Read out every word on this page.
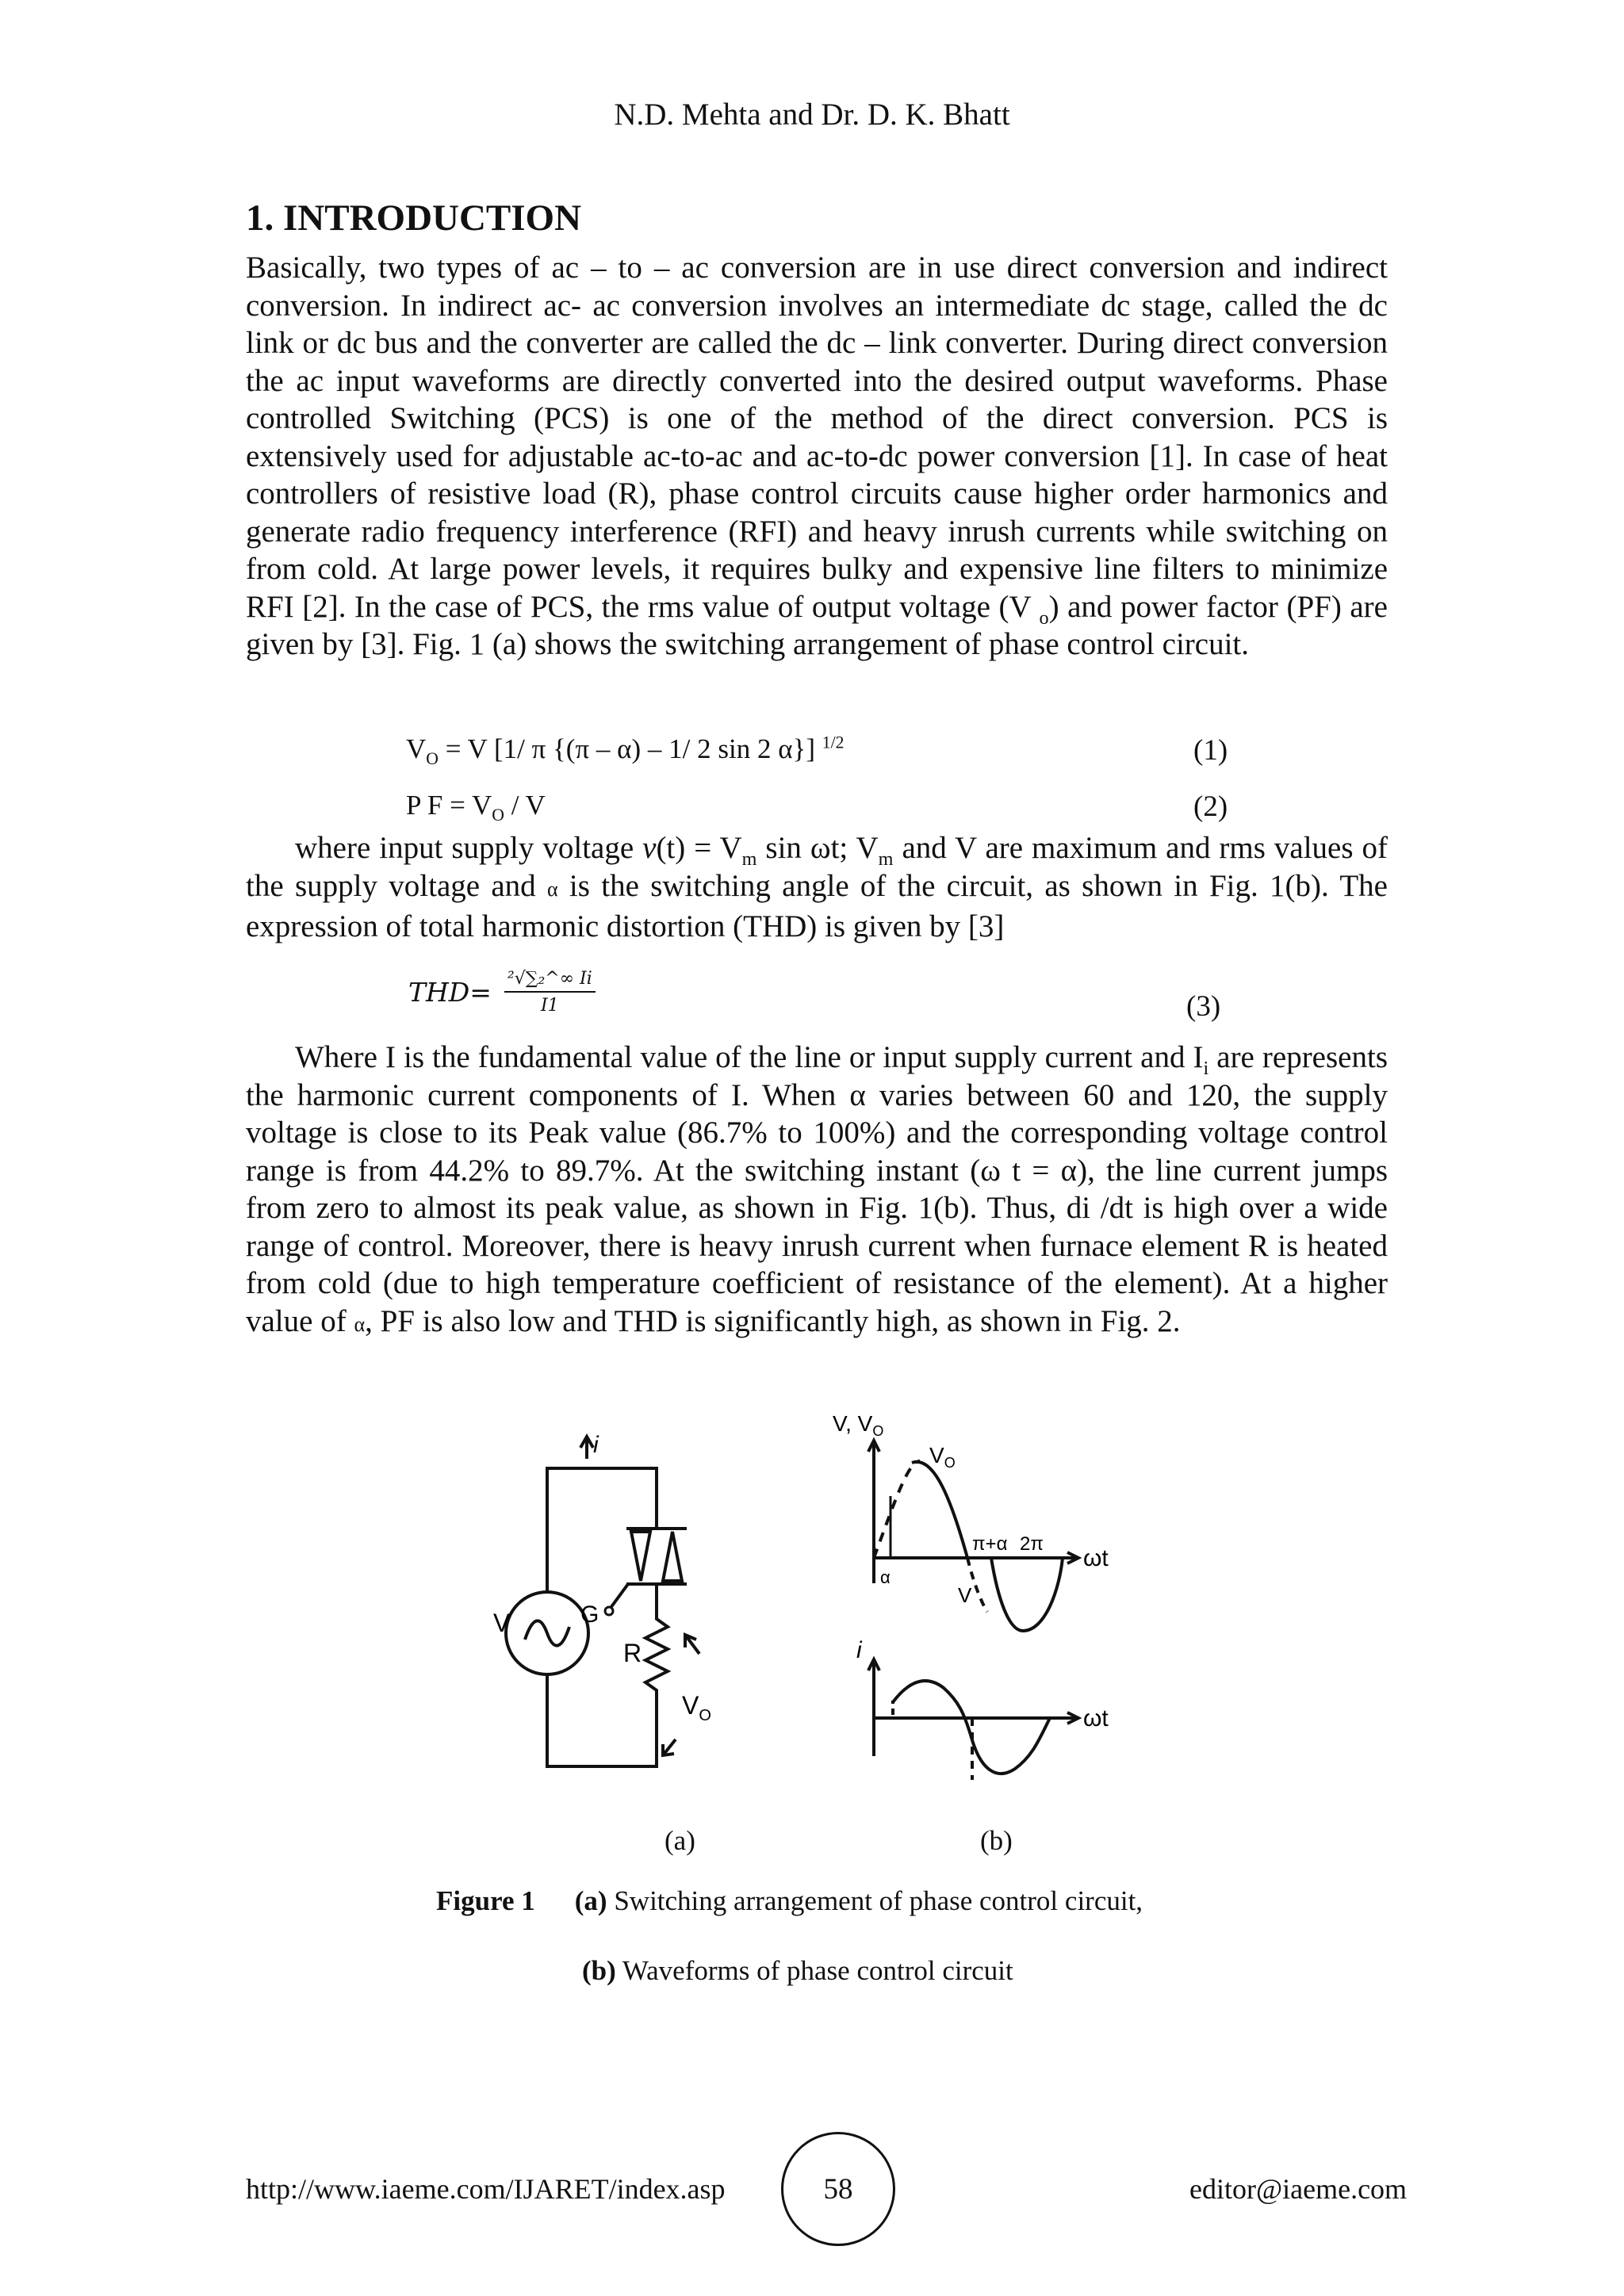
N.D. Mehta and Dr. D. K. Bhatt
1. INTRODUCTION

Basically, two types of ac – to – ac conversion are in use direct conversion and indirect conversion. In indirect ac- ac conversion involves an intermediate dc stage, called the dc link or dc bus and the converter are called the dc – link converter. During direct conversion the ac input waveforms are directly converted into the desired output waveforms. Phase controlled Switching (PCS) is one of the method of the direct conversion. PCS is extensively used for adjustable ac-to-ac and ac-to-dc power conversion [1]. In case of heat controllers of resistive load (R), phase control circuits cause higher order harmonics and generate radio frequency interference (RFI) and heavy inrush currents while switching on from cold. At large power levels, it requires bulky and expensive line filters to minimize RFI [2]. In the case of PCS, the rms value of output voltage (V $_o$) and power factor (PF) are given by [3]. Fig. 1 (a) shows the switching arrangement of phase control circuit.

$V_O = V$ [1/ π {(π – α) – 1/ 2 sin 2 α}] $^{1/2}$	(1)
P $F = V_O / V$	(2)

where input supply voltage $v(t) = V_m$ sin ωt; $V_m$ and V are maximum and rms values of the supply voltage and α is the switching angle of the circuit, as shown in Fig. 1(b). The expression of total harmonic distortion (THD) is given by [3]

THD = $\frac{\text{²√∑₂\textasciicircum{}∞ Ii}}{I1}$	(3)

Where I is the fundamental value of the line or input supply current and $I_i$ are represents the harmonic current components of I. When α varies between 60 and 120, the supply voltage is close to its Peak value (86.7% to 100%) and the corresponding voltage control range is from 44.2% to 89.7%. At the switching instant (ω t = α), the line current jumps from zero to almost its peak value, as shown in Fig. 1(b). Thus, di /dt is high over a wide range of control. Moreover, there is heavy inrush current when furnace element R is heated from cold (due to high temperature coefficient of resistance of the element). At a higher value of α, PF is also low and THD is significantly high, as shown in Fig. 2.

i
V	G
R
$V_O$
V, $V_O$
$V_O$
α
π+α 2π
ωt
V
i
ωt
(a)	(b)
Figure 1 (a) Switching arrangement of phase control circuit,
(b) Waveforms of phase control circuit
http://www.iaeme.com/IJARET/index.asp	58	editor@iaeme.com
